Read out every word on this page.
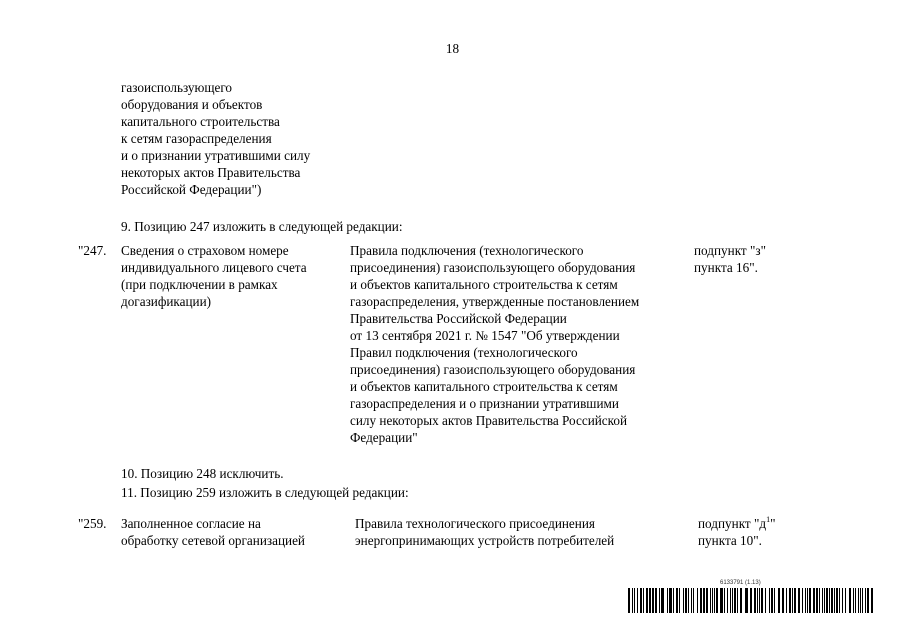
18
газоиспользующего
оборудования и объектов
капитального строительства
к сетям газораспределения
и о признании утратившими силу
некоторых актов Правительства
Российской Федерации")
9. Позицию 247 изложить в следующей редакции:
"247. Сведения о страховом номере
индивидуального лицевого счета
(при подключении в рамках
догазификации)
Правила подключения (технологического
присоединения) газоиспользующего оборудования
и объектов капитального строительства к сетям
газораспределения, утвержденные постановлением
Правительства Российской Федерации
от 13 сентября 2021 г. № 1547 "Об утверждении
Правил подключения (технологического
присоединения) газоиспользующего оборудования
и объектов капитального строительства к сетям
газораспределения и о признании утратившими
силу некоторых актов Правительства Российской
Федерации"
подпункт "з"
пункта 16".
10. Позицию 248 исключить.
11. Позицию 259 изложить в следующей редакции:
"259. Заполненное согласие на
обработку сетевой организацией
Правила технологического присоединения
энергопринимающих устройств потребителей
подпункт "$д^1$"
пункта 10".
6133791 (1.13)
